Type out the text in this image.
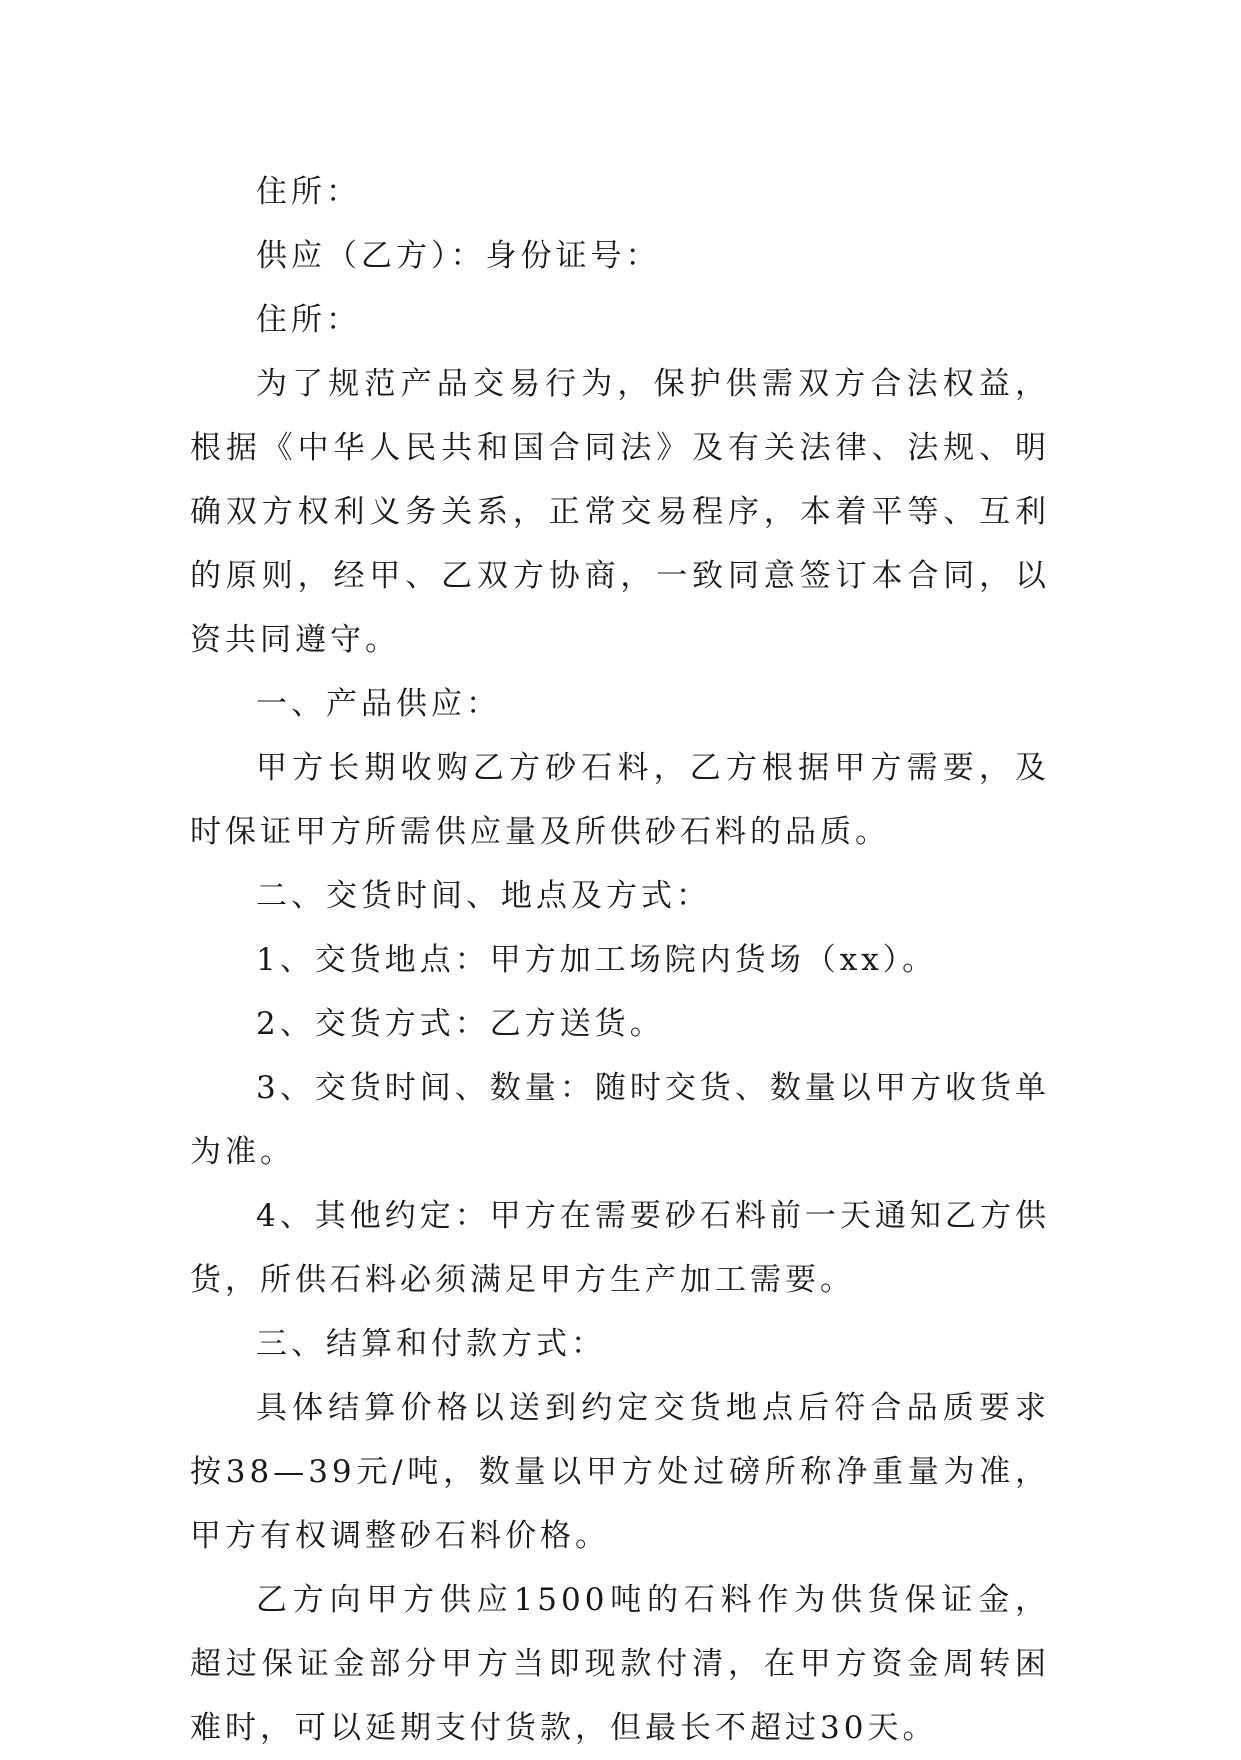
住所：

供应（乙方）：身份证号：

住所：

为了规范产品交易行为，保护供需双方合法权益，根据《中华人民共和国合同法》及有关法律、法规、明确双方权利义务关系，正常交易程序，本着平等、互利的原则，经甲、乙双方协商，一致同意签订本合同，以资共同遵守。

一、产品供应：

甲方长期收购乙方砂石料，乙方根据甲方需要，及时保证甲方所需供应量及所供砂石料的品质。

二、交货时间、地点及方式：

1、交货地点：甲方加工场院内货场（xx）。

2、交货方式：乙方送货。

3、交货时间、数量：随时交货、数量以甲方收货单为准。

4、其他约定：甲方在需要砂石料前一天通知乙方供货，所供石料必须满足甲方生产加工需要。

三、结算和付款方式：

具体结算价格以送到约定交货地点后符合品质要求按38—39元/吨，数量以甲方处过磅所称净重量为准，甲方有权调整砂石料价格。

乙方向甲方供应1500吨的石料作为供货保证金，超过保证金部分甲方当即现款付清，在甲方资金周转困难时，可以延期支付货款，但最长不超过30天。
